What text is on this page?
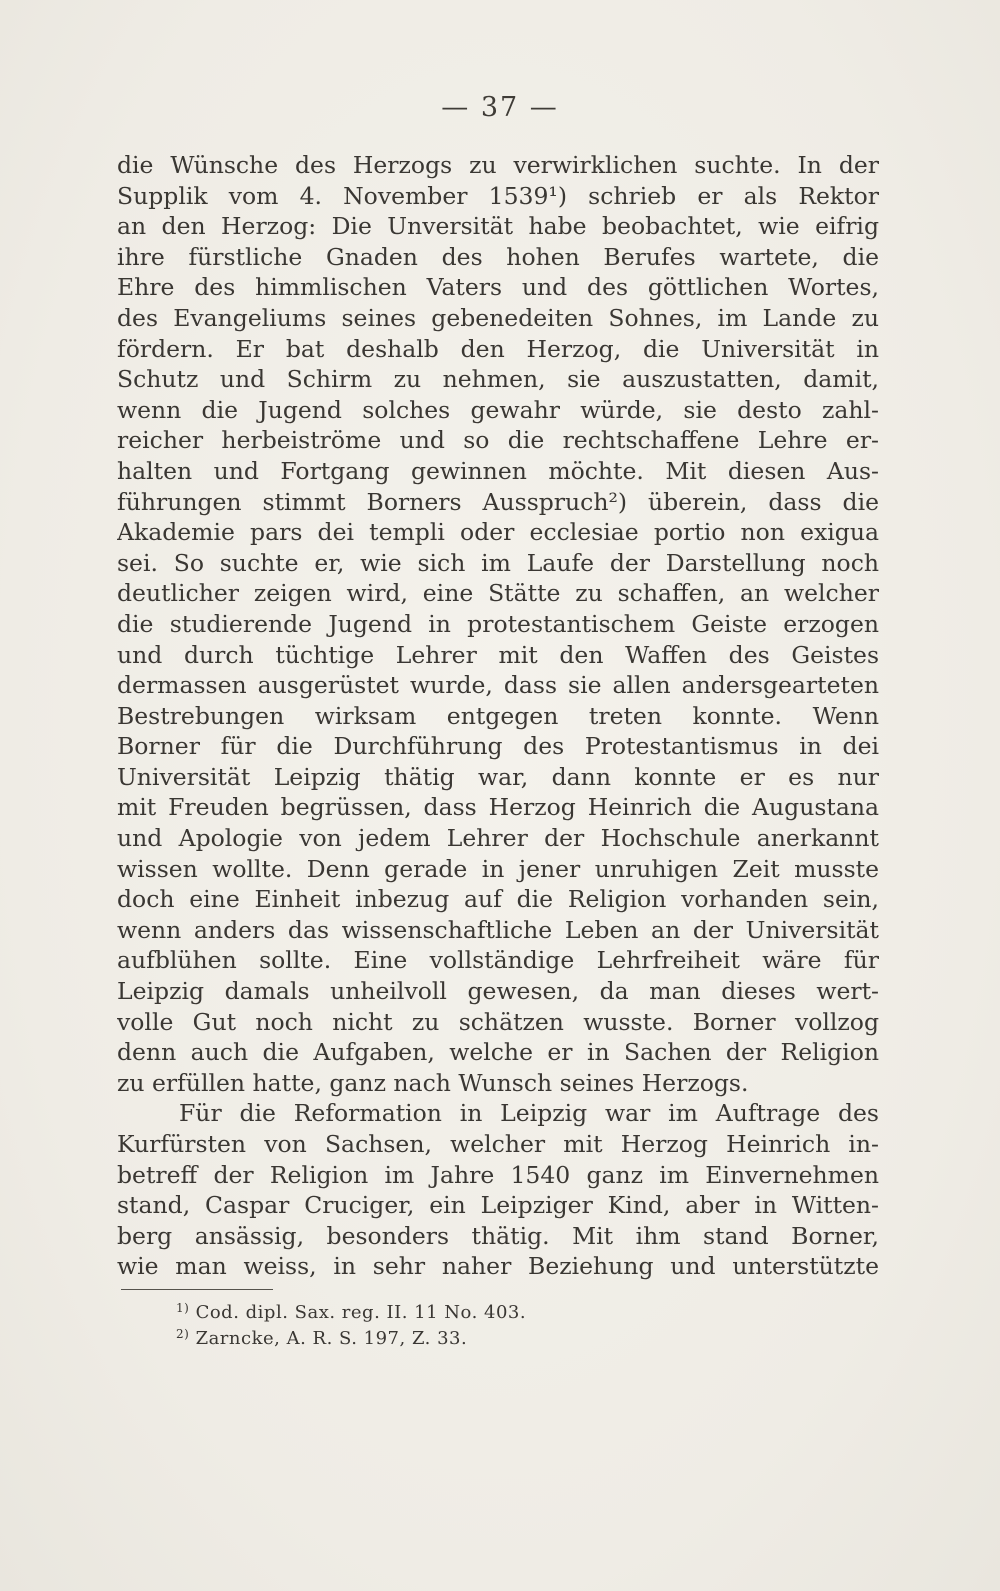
— 37 —
die Wünsche des Herzogs zu verwirklichen suchte. In der
Supplik vom 4. November 1539¹) schrieb er als Rektor
an den Herzog: Die Unversität habe beobachtet, wie eifrig
ihre fürstliche Gnaden des hohen Berufes wartete, die
Ehre des himmlischen Vaters und des göttlichen Wortes,
des Evangeliums seines gebenedeiten Sohnes, im Lande zu
fördern. Er bat deshalb den Herzog, die Universität in
Schutz und Schirm zu nehmen, sie auszustatten, damit,
wenn die Jugend solches gewahr würde, sie desto zahl-
reicher herbeiströme und so die rechtschaffene Lehre er-
halten und Fortgang gewinnen möchte. Mit diesen Aus-
führungen stimmt Borners Ausspruch²) überein, dass die
Akademie pars dei templi oder ecclesiae portio non exigua
sei. So suchte er, wie sich im Laufe der Darstellung noch
deutlicher zeigen wird, eine Stätte zu schaffen, an welcher
die studierende Jugend in protestantischem Geiste erzogen
und durch tüchtige Lehrer mit den Waffen des Geistes
dermassen ausgerüstet wurde, dass sie allen andersgearteten
Bestrebungen wirksam entgegen treten konnte. Wenn
Borner für die Durchführung des Protestantismus in dei
Universität Leipzig thätig war, dann konnte er es nur
mit Freuden begrüssen, dass Herzog Heinrich die Augustana
und Apologie von jedem Lehrer der Hochschule anerkannt
wissen wollte. Denn gerade in jener unruhigen Zeit musste
doch eine Einheit inbezug auf die Religion vorhanden sein,
wenn anders das wissenschaftliche Leben an der Universität
aufblühen sollte. Eine vollständige Lehrfreiheit wäre für
Leipzig damals unheilvoll gewesen, da man dieses wert-
volle Gut noch nicht zu schätzen wusste. Borner vollzog
denn auch die Aufgaben, welche er in Sachen der Religion
zu erfüllen hatte, ganz nach Wunsch seines Herzogs.
Für die Reformation in Leipzig war im Auftrage des
Kurfürsten von Sachsen, welcher mit Herzog Heinrich in-
betreff der Religion im Jahre 1540 ganz im Einvernehmen
stand, Caspar Cruciger, ein Leipziger Kind, aber in Witten-
berg ansässig, besonders thätig. Mit ihm stand Borner,
wie man weiss, in sehr naher Beziehung und unterstützte
$^{1)}$ Cod. dipl. Sax. reg. II. 11 No. 403.
$^{2)}$ Zarncke, A. R. S. 197, Z. 33.
